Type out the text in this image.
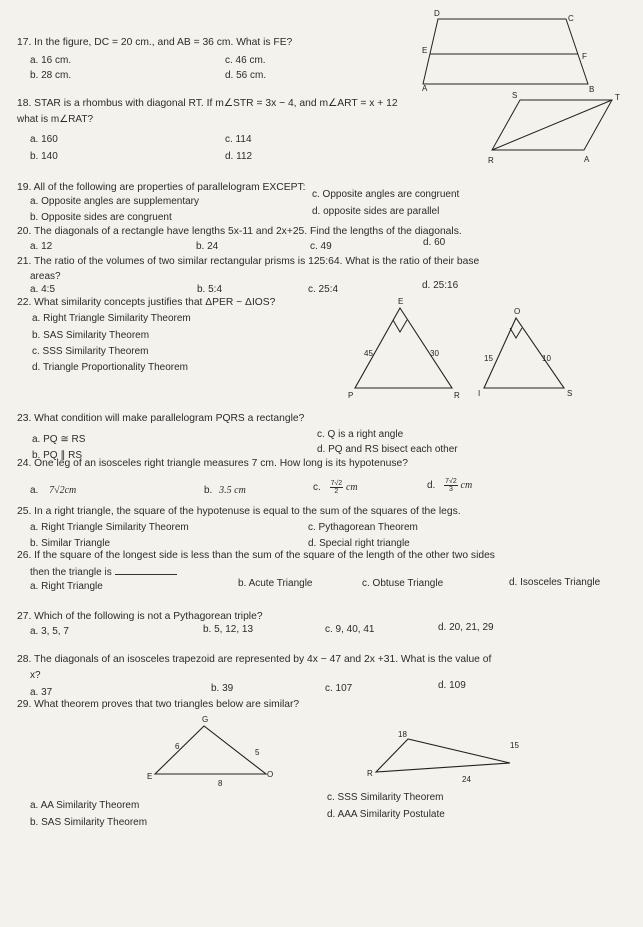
17. In the figure, DC = 20 cm., and AB = 36 cm. What is FE?
a. 16 cm.	c. 46 cm.
b. 28 cm.	d. 56 cm.
D
C
E
F
A	B
18. STAR is a rhombus with diagonal RT. If m∠STR = 3x − 4, and m∠ART = x + 12
what is m∠RAT?
a. 160	c. 114
b. 140	d. 112
S	T
R	A
19. All of the following are properties of parallelogram EXCEPT:
a. Opposite angles are supplementary
c. Opposite angles are congruent
b. Opposite sides are congruent
d. opposite sides are parallel
20. The diagonals of a rectangle have lengths 5x-11 and 2x+25. Find the lengths of the diagonals.
a. 12	b. 24	c. 49	d. 60
21. The ratio of the volumes of two similar rectangular prisms is 125:64. What is the ratio of their base
areas?
a. 4:5	b. 5:4	c. 25:4	d. 25:16
22. What similarity concepts justifies that ΔPER ~ ΔIOS?
a. Right Triangle Similarity Theorem
b. SAS Similarity Theorem
c. SSS Similarity Theorem
d. Triangle Proportionality Theorem
E
P	R
45	30
O
I	S
15	10
23. What condition will make parallelogram PQRS a rectangle?
a. PQ ≅ RS	c. Q is a right angle
b. PQ ∥ RS
d. PQ and RS bisect each other
24. One leg of an isosceles right triangle measures 7 cm. How long is its hypotenuse?
a. 7√2cm	b. 3.5 cm	c. $\frac{7√2}{2}$ cm	d. $\frac{7√2}{3}$ cm
25. In a right triangle, the square of the hypotenuse is equal to the sum of the squares of the legs.
a. Right Triangle Similarity Theorem	c. Pythagorean Theorem
b. Similar Triangle	d. Special right triangle
26. If the square of the longest side is less than the sum of the square of the length of the other two sides
then the triangle is
a. Right Triangle	b. Acute Triangle	c. Obtuse Triangle	d. Isosceles Triangle
27. Which of the following is not a Pythagorean triple?
a. 3, 5, 7	b. 5, 12, 13	c. 9, 40, 41	d. 20, 21, 29
28. The diagonals of an isosceles trapezoid are represented by 4x − 47 and 2x +31. What is the value of
x?
a. 37	b. 39	c. 107	d. 109
29. What theorem proves that two triangles below are similar?
G
E	O
6
5
8
R
18
15
24
a. AA Similarity Theorem
c. SSS Similarity Theorem
b. SAS Similarity Theorem
d. AAA Similarity Postulate
